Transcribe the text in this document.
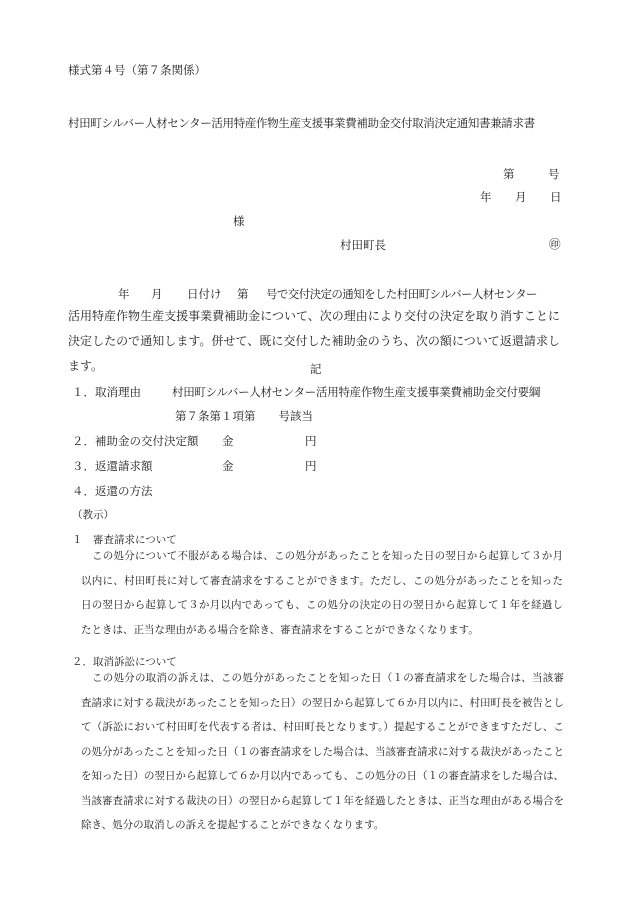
様式第４号（第７条関係）
村田町シルバー人材センター活用特産作物生産支援事業費補助金交付取消決定通知書兼請求書
第	号
年 月 日
様
村田町長	㊞
年 月 日付け 第 号で交付決定の通知をした村田町シルバー人材センター

活用特産作物生産支援事業費補助金について、次の理由により交付の決定を取り消すことに決定したので通知します。併せて、既に交付した補助金のうち、次の額について返還請求します。	記
１．取消理由	村田町シルバー人材センター活用特産作物生産支援事業費補助金交付要綱
第７条第１項第　　号該当
２．補助金の交付決定額 金	円
３．返還請求額	金	円
４．返還の方法
（教示）
１　審査請求について

この処分について不服がある場合は、この処分があったことを知った日の翌日から起算して３か月以内に、村田町長に対して審査請求をすることができます。ただし、この処分があったことを知った日の翌日から起算して３か月以内であっても、この処分の決定の日の翌日から起算して１年を経過したときは、正当な理由がある場合を除き、審査請求をすることができなくなります。

２．取消訴訟について

この処分の取消の訴えは、この処分があったことを知った日（１の審査請求をした場合は、当該審査請求に対する裁決があったことを知った日）の翌日から起算して６か月以内に、村田町長を被告として（訴訟において村田町を代表する者は、村田町長となります。）提起することができますただし、この処分があったことを知った日（１の審査請求をした場合は、当該審査請求に対する裁決があったことを知った日）の翌日から起算して６か月以内であっても、この処分の日（１の審査請求をした場合は、当該審査請求に対する裁決の日）の翌日から起算して１年を経過したときは、正当な理由がある場合を除き、処分の取消しの訴えを提起することができなくなります。
